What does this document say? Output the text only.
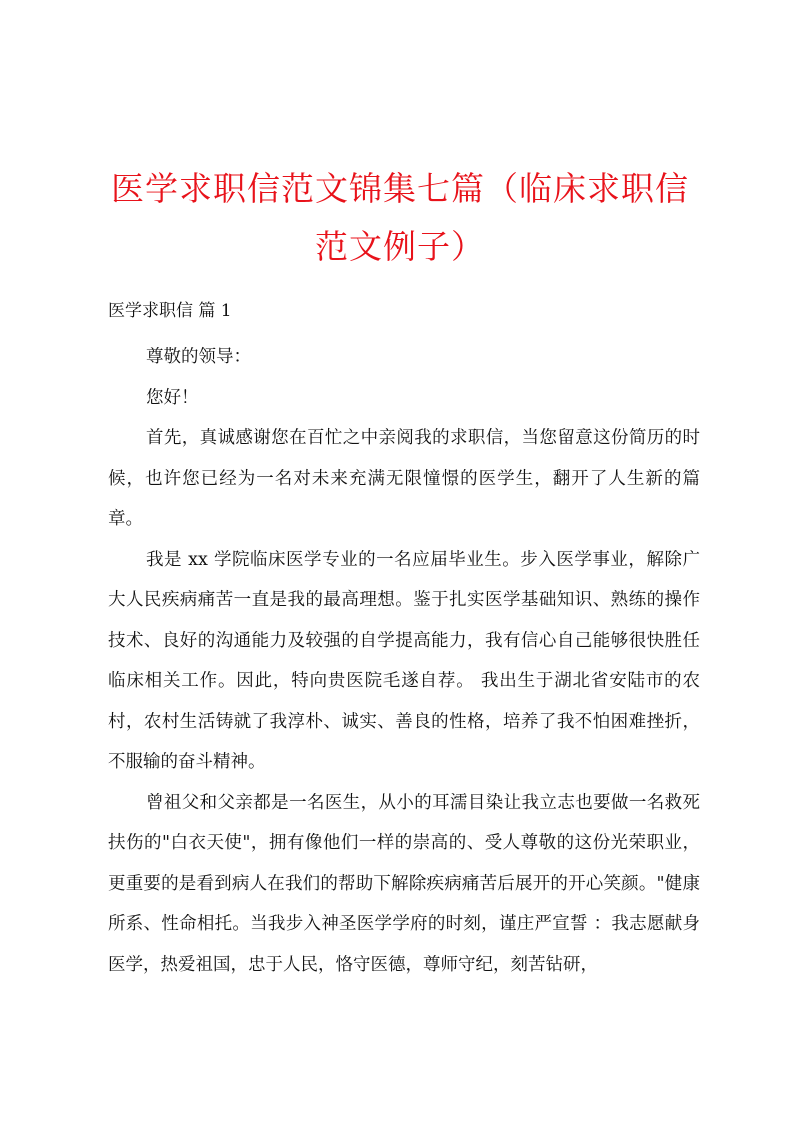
医学求职信范文锦集七篇（临床求职信范文例子）

医学求职信 篇 1

尊敬的领导：

您好！

首先，真诚感谢您在百忙之中亲阅我的求职信，当您留意这份简历的时候，也许您已经为一名对未来充满无限憧憬的医学生，翻开了人生新的篇章。

我是 xx 学院临床医学专业的一名应届毕业生。步入医学事业，解除广大人民疾病痛苦一直是我的最高理想。鉴于扎实医学基础知识、熟练的操作技术、良好的沟通能力及较强的自学提高能力，我有信心自己能够很快胜任临床相关工作。因此，特向贵医院毛遂自荐。 我出生于湖北省安陆市的农村，农村生活铸就了我淳朴、诚实、善良的性格，培养了我不怕困难挫折，不服输的奋斗精神。

曾祖父和父亲都是一名医生，从小的耳濡目染让我立志也要做一名救死扶伤的"白衣天使"，拥有像他们一样的崇高的、受人尊敬的这份光荣职业，更重要的是看到病人在我们的帮助下解除疾病痛苦后展开的开心笑颜。"健康所系、性命相托。当我步入神圣医学学府的时刻，谨庄严宣誓 ：我志愿献身医学，热爱祖国，忠于人民，恪守医德，尊师守纪，刻苦钻研，
